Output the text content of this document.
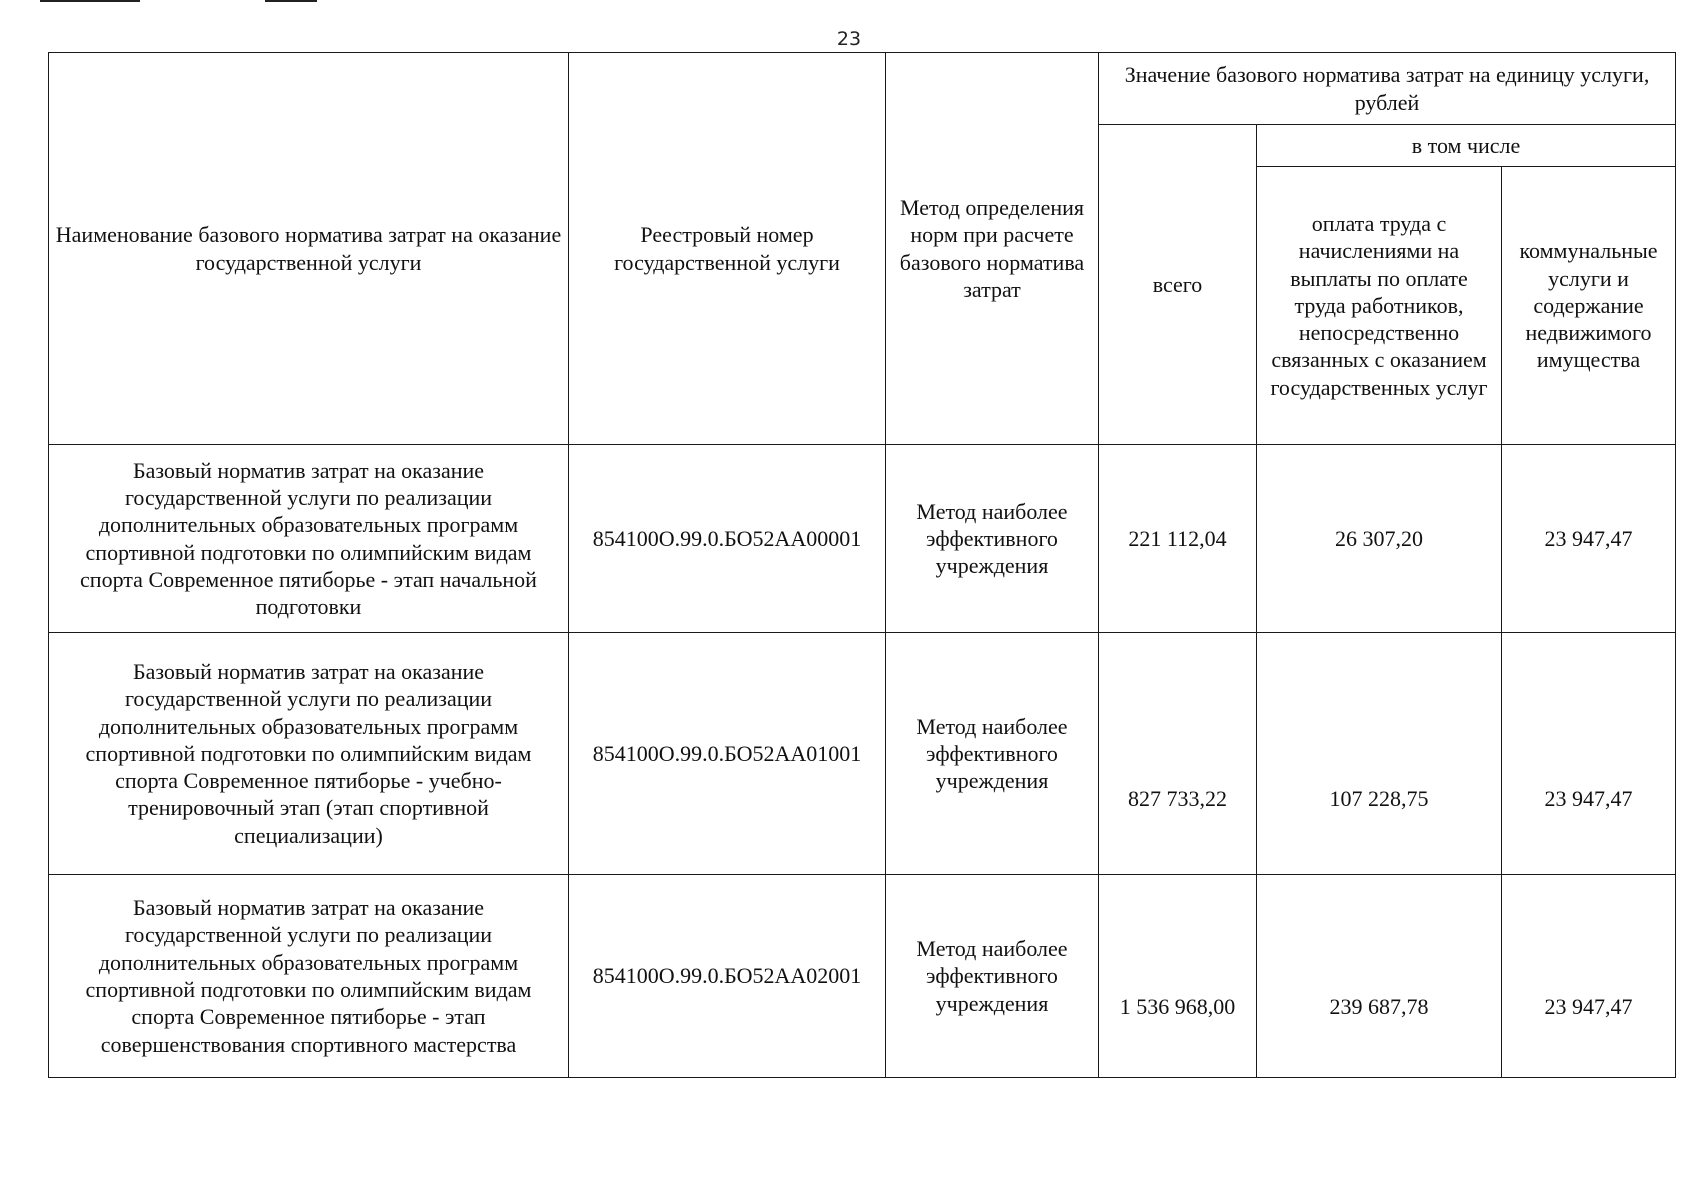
23
Наименование базового норматива затрат на оказание государственной услуги	Реестровый номер государственной услуги	Метод определения норм при расчете базового норматива затрат	Значение базового норматива затрат на единицу услуги, рублей		
			всего	в том числе	
				оплата труда с начислениями на выплаты по оплате труда работников, непосредственно связанных с оказанием государственных услуг	коммунальные услуги и содержание недвижимого имущества
Базовый норматив затрат на оказание государственной услуги по реализации дополнительных образовательных программ спортивной подготовки по олимпийским видам спорта Современное пятиборье - этап начальной подготовки	854100О.99.0.БО52АА00001	Метод наиболее эффективного учреждения	221 112,04	26 307,20	23 947,47
Базовый норматив затрат на оказание государственной услуги по реализации дополнительных образовательных программ спортивной подготовки по олимпийским видам спорта Современное пятиборье - учебно-тренировочный этап (этап спортивной специализации)	854100О.99.0.БО52АА01001	Метод наиболее эффективного учреждения	827 733,22	107 228,75	23 947,47
Базовый норматив затрат на оказание государственной услуги по реализации дополнительных образовательных программ спортивной подготовки по олимпийским видам спорта Современное пятиборье - этап совершенствования спортивного мастерства	854100О.99.0.БО52АА02001	Метод наиболее эффективного учреждения	1 536 968,00	239 687,78	23 947,47
